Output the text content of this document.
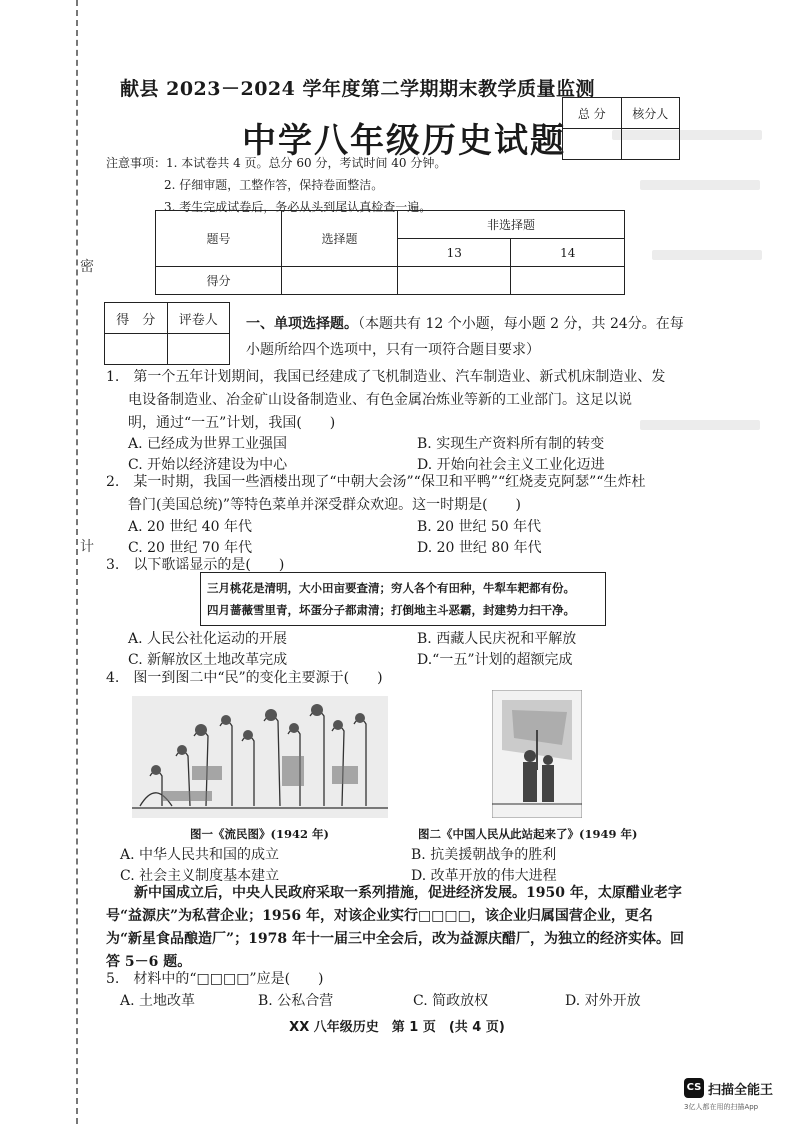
密
计
献县 2023－2024 学年度第二学期期末教学质量监测
中学八年级历史试题
总 分	核分人

注意事项：1. 本试卷共 4 页。总分 60 分，考试时间 40 分钟。
2. 仔细审题，工整作答，保持卷面整洁。
3. 考生完成试卷后，务必从头到尾认真检查一遍。
题号	选择题	非选择题	
		13	14
得分			
得　分	评卷人
	一、单项选择题。（本题共有 12 个小题，每小题 2 分，共 24分。在每小题所给四个选项中，只有一项符合题目要求）
1.　第一个五年计划期间，我国已经建成了飞机制造业、汽车制造业、新式机床制造业、发
电设备制造业、冶金矿山设备制造业、有色金属冶炼业等新的工业部门。这足以说
明，通过“一五”计划，我国(　　)
A. 已经成为世界工业强国	B. 实现生产资料所有制的转变
C. 开始以经济建设为中心	D. 开始向社会主义工业化迈进
2.　某一时期，我国一些酒楼出现了“中朝大会汤”“保卫和平鸭”“红烧麦克阿瑟”“生炸杜
鲁门(美国总统)”等特色菜单并深受群众欢迎。这一时期是(　　)
A. 20 世纪 40 年代	B. 20 世纪 50 年代
C. 20 世纪 70 年代	D. 20 世纪 80 年代
3.　以下歌谣显示的是(　　)
三月桃花是清明，大小田亩要查清；穷人各个有田种，牛犁车耙都有份。
四月蔷薇雪里青，坏蛋分子都肃清；打倒地主斗恶霸，封建势力扫干净。
A. 人民公社化运动的开展	B. 西藏人民庆祝和平解放
C. 新解放区土地改革完成	D.“一五”计划的超额完成
4.　图一到图二中“民”的变化主要源于(　　)
图一《流民图》(1942 年)	图二《中国人民从此站起来了》(1949 年)
A. 中华人民共和国的成立	B. 抗美援朝战争的胜利
C. 社会主义制度基本建立	D. 改革开放的伟大进程
新中国成立后，中央人民政府采取一系列措施，促进经济发展。1950 年，太原醋业老字号“益源庆”为私营企业；1956 年，对该企业实行□□□□，该企业归属国营企业，更名为“新星食品酿造厂”；1978 年十一届三中全会后，改为益源庆醋厂，为独立的经济实体。回答 5－6 题。
5.　材料中的“□□□□”应是(　　)
A. 土地改革	B. 公私合营	C. 简政放权	D. 对外开放
XX 八年级历史　第 1 页　(共 4 页)
CS 扫描全能王
3亿人都在用的扫描App
